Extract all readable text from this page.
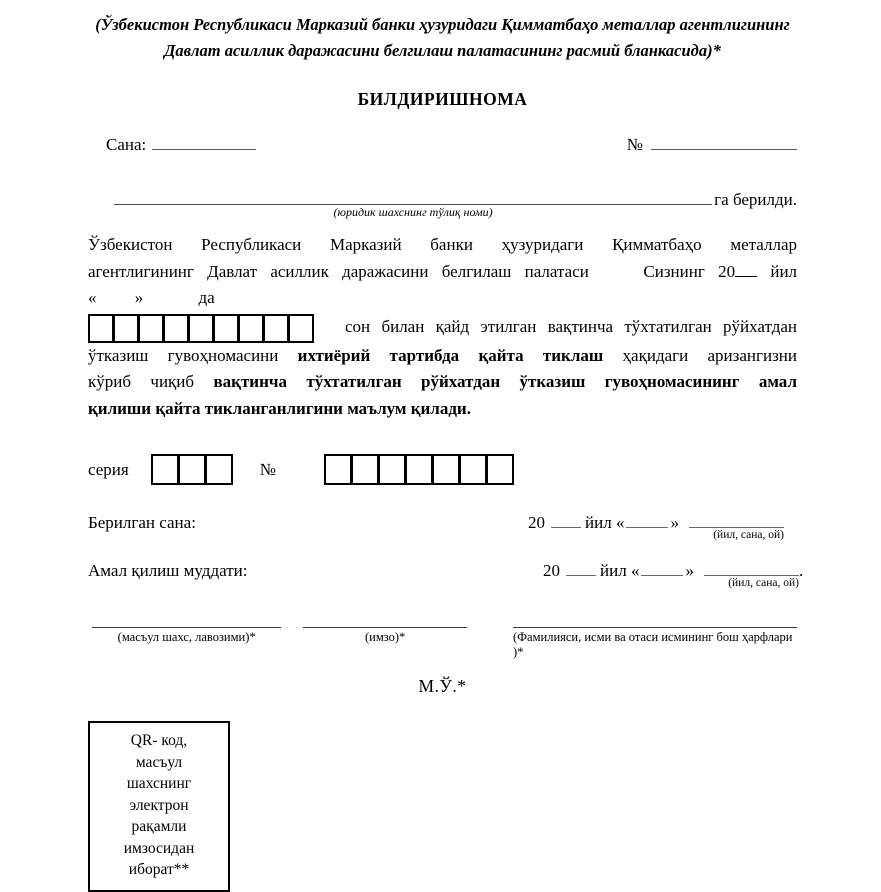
(Ўзбекистон Республикаси Марказий банки ҳузуридаги Қимматбаҳо металлар агентлигининг Давлат асиллик даражасини белгилаш палатасининг расмий бланкасида)*
БИЛДИРИШНОМА
Сана:	№
(юридик шахснинг тўлиқ номи)
га берилди.
Ўзбекистон Республикаси Марказий банки ҳузуридаги Қимматбаҳо металлар
агентлигининг Давлат асиллик даражасини белгилаш палатаси	Сизнинг 20 йил
«         »             да
сон билан қайд этилган вақтинча тўхтатилган рўйхатдан
ўтказиш гувоҳномасини ихтиёрий тартибда қайта тиклаш ҳақидаги аризангизни
кўриб чиқиб вақтинча тўхтатилган рўйхатдан ўтказиш гувоҳномасининг амал
қилиши қайта тикланганлигини маълум қилади.
серия	№
Берилган сана:	20 йил «	»
(йил, сана, ой)
Амал қилиш муддати:	20 йил «	»
(йил, сана, ой)
.
(масъул шахс, лавозими)*	(имзо)*	(Фамилияси, исми ва отаси исмининг бош ҳарфлари )*
М.Ў.*
QR- код,
масъул
шахснинг
электрон
рақамли
имзосидан
иборат**
